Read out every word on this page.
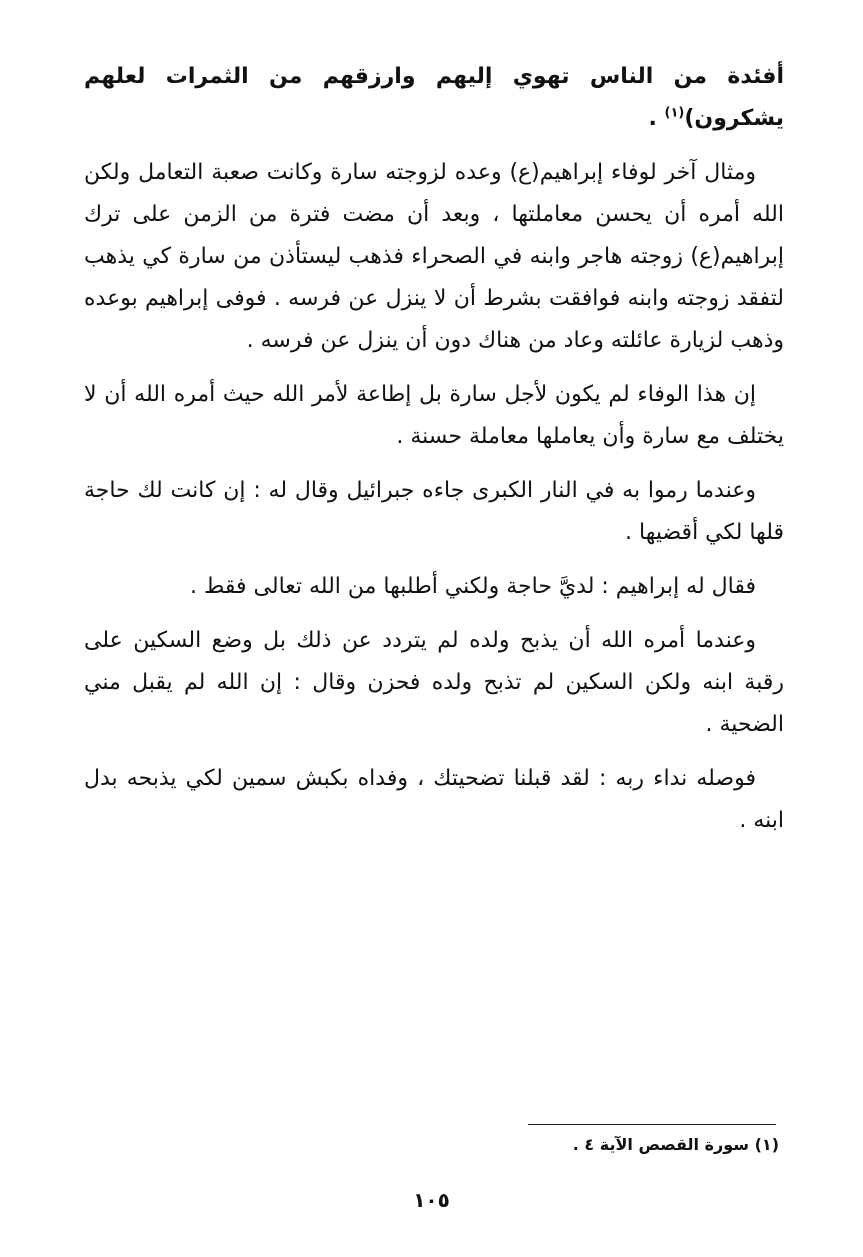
أفئدة من الناس تهوي إليهم وارزقهم من الثمرات لعلهم يشكرون)$^{(١)}$ .

ومثال آخر لوفاء إبراهيم(ع) وعده لزوجته سارة وكانت صعبة التعامل ولكن الله أمره أن يحسن معاملتها ، وبعد أن مضت فترة من الزمن على ترك إبراهيم(ع) زوجته هاجر وابنه في الصحراء فذهب ليستأذن من سارة كي يذهب لتفقد زوجته وابنه فوافقت بشرط أن لا ينزل عن فرسه . فوفى إبراهيم بوعده وذهب لزيارة عائلته وعاد من هناك دون أن ينزل عن فرسه .

إن هذا الوفاء لم يكون لأجل سارة بل إطاعة لأمر الله حيث أمره الله أن لا يختلف مع سارة وأن يعاملها معاملة حسنة .

وعندما رموا به في النار الكبرى جاءه جبرائيل وقال له : إن كانت لك حاجة قلها لكي أقضيها .

فقال له إبراهيم : لديَّ حاجة ولكني أطلبها من الله تعالى فقط .

وعندما أمره الله أن يذبح ولده لم يتردد عن ذلك بل وضع السكين على رقبة ابنه ولكن السكين لم تذبح ولده فحزن وقال : إن الله لم يقبل مني الضحية .

فوصله نداء ربه : لقد قبلنا تضحيتك ، وفداه بكبش سمين لكي يذبحه بدل ابنه .

(١) سورة القصص الآية ٤ .
١٠٥
